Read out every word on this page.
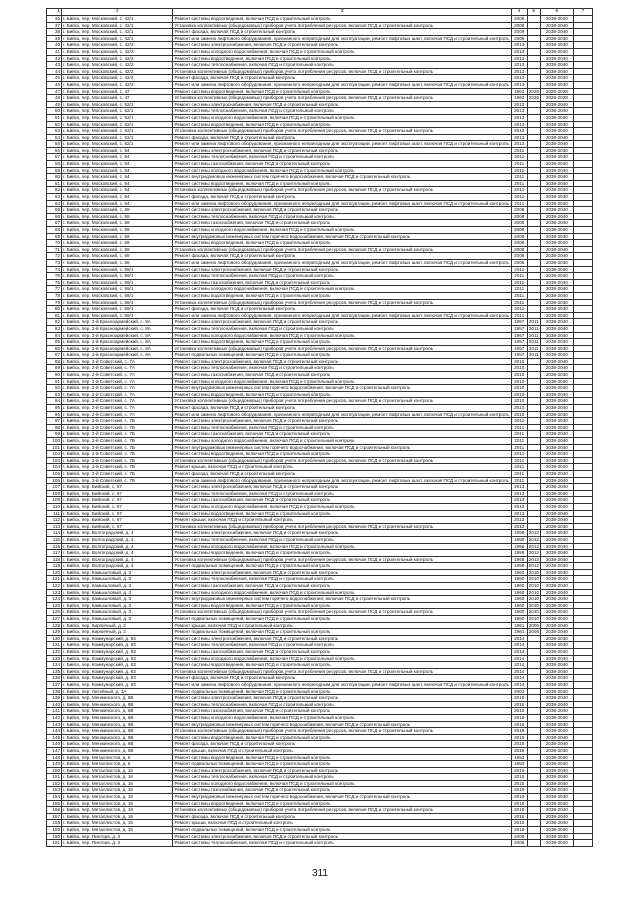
1	2	3	4	5	6	7
36	г. Бийск, пер. Московский, с. 42/1	Ремонт системы водоотведения, включая ПСД и строительный контроль	2009		2038-2040	
37	г. Бийск, пер. Московский, с. 42/1	Установка коллективных (общедомовых) приборов учета потребления ресурсов, включая ПСД и строительный контроль	2009		2038-2040	
38	г. Бийск, пер. Московский, с. 42/1	Ремонт фасада, включая ПСД и строительный контроль	2009		2038-2040	
39	г. Бийск, пер. Московский, с. 42/1	Ремонт или замена лифтового оборудования, признанного непригодным для эксплуатации, ремонт лифтовых шахт, включая ПСД и строительный контроль	2009		2038-2040	
40	г. Бийск, пер. Московский, с. 42/2	Ремонт системы электроснабжения, включая ПСД и строительный контроль	2013		2038-2040	
41	г. Бийск, пер. Московский, с. 42/2	Ремонт системы холодного водоснабжения, включая ПСД и строительный контроль	2013		2038-2040	
42	г. Бийск, пер. Московский, с. 42/2	Ремонт системы водоотведения, включая ПСД и строительный контроль	2013		2038-2040	
43	г. Бийск, пер. Московский, с. 42/2	Ремонт системы теплоснабжения, включая ПСД и строительный контроль	2013		2038-2040	
44	г. Бийск, пер. Московский, с. 42/2	Установка коллективных (общедомовых) приборов учета потребления ресурсов, включая ПСД и строительный контроль	2013		2038-2040	
45	г. Бийск, пер. Московский, с. 42/2	Ремонт фасада, включая ПСД и строительный контроль	2013		2038-2040	
46	г. Бийск, пер. Московский, с. 42/2	Ремонт или замена лифтового оборудования, признанного непригодным для эксплуатации, ремонт лифтовых шахт, включая ПСД и строительный контроль	2013		2038-2040	
47	г. Бийск, пер. Московский, с. 47	Ремонт системы водоотведения, включая ПСД и строительный контроль	1963	2026	2026-2028	
48	г. Бийск, пер. Московский, с. 47	Установка коллективных (общедомовых) приборов учета потребления ресурсов, включая ПСД и строительный контроль	1963	2026	2026-2028	
49	г. Бийск, пер. Московский, с. 52/1	Ремонт системы электроснабжения, включая ПСД и строительный контроль	2013		2038-2040	
50	г. Бийск, пер. Московский, с. 52/1	Ремонт системы теплоснабжения, включая ПСД и строительный контроль	2013		2038-2040	
51	г. Бийск, пер. Московский, с. 52/1	Ремонт системы холодного водоснабжения, включая ПСД и строительный контроль	2013		2038-2040	
52	г. Бийск, пер. Московский, с. 52/1	Ремонт системы водоотведения, включая ПСД и строительный контроль	2013		2038-2040	
53	г. Бийск, пер. Московский, с. 52/1	Установка коллективных (общедомовых) приборов учета потребления ресурсов, включая ПСД и строительный контроль	2013		2038-2040	
54	г. Бийск, пер. Московский, с. 52/1	Ремонт фасада, включая ПСД и строительный контроль	2013		2038-2040	
55	г. Бийск, пер. Московский, с. 52/1	Ремонт или замена лифтового оборудования, признанного непригодным для эксплуатации, ремонт лифтовых шахт, включая ПСД и строительный контроль	2013		2038-2040	
56	г. Бийск, пер. Московский, с. 54	Ремонт системы электроснабжения, включая ПСД и строительный контроль	2011		2038-2040	
57	г. Бийск, пер. Московский, с. 54	Ремонт системы теплоснабжения, включая ПСД и строительный контроль	2011		2038-2040	
58	г. Бийск, пер. Московский, с. 54	Ремонт системы газоснабжения, включая ПСД и строительный контроль	2011		2038-2040	
59	г. Бийск, пер. Московский, с. 54	Ремонт системы холодного водоснабжения, включая ПСД и строительный контроль	2011		2038-2040	
60	г. Бийск, пер. Московский, с. 54	Ремонт внутридомовых инженерных систем горячего водоснабжения, включая ПСД и строительный контроль	2011		2038-2040	
61	г. Бийск, пер. Московский, с. 54	Ремонт системы водоотведения, включая ПСД и строительный контроль	2011		2038-2040	
62	г. Бийск, пер. Московский, с. 54	Установка коллективных (общедомовых) приборов учета потребления ресурсов, включая ПСД и строительный контроль	2011		2038-2040	
63	г. Бийск, пер. Московский, с. 54	Ремонт фасада, включая ПСД и строительный контроль	2011		2038-2040	
64	г. Бийск, пер. Московский, с. 54	Ремонт или замена лифтового оборудования, признанного непригодным для эксплуатации, ремонт лифтовых шахт, включая ПСД и строительный контроль	2011		2038-2040	
65	г. Бийск, пер. Московский, с. 59	Ремонт системы электроснабжения, включая ПСД и строительный контроль	2008		2038-2040	
66	г. Бийск, пер. Московский, с. 59	Ремонт системы теплоснабжения, включая ПСД и строительный контроль	2008		2038-2040	
67	г. Бийск, пер. Московский, с. 59	Ремонт системы газоснабжения, включая ПСД и строительный контроль	2008		2038-2040	
68	г. Бийск, пер. Московский, с. 59	Ремонт системы холодного водоснабжения, включая ПСД и строительный контроль	2008		2038-2040	
69	г. Бийск, пер. Московский, с. 59	Ремонт внутридомовых инженерных систем горячего водоснабжения, включая ПСД и строительный контроль	2008		2038-2040	
70	г. Бийск, пер. Московский, с. 59	Ремонт системы водоотведения, включая ПСД и строительный контроль	2008		2038-2040	
71	г. Бийск, пер. Московский, с. 59	Установка коллективных (общедомовых) приборов учета потребления ресурсов, включая ПСД и строительный контроль	2008		2038-2040	
72	г. Бийск, пер. Московский, с. 59	Ремонт фасада, включая ПСД и строительный контроль	2008		2038-2040	
73	г. Бийск, пер. Московский, с. 59	Ремонт или замена лифтового оборудования, признанного непригодным для эксплуатации, ремонт лифтовых шахт, включая ПСД и строительный контроль	2008		2038-2040	
74	г. Бийск, пер. Московский, с. 59/1	Ремонт системы электроснабжения, включая ПСД и строительный контроль	2011		2038-2040	
75	г. Бийск, пер. Московский, с. 59/1	Ремонт системы теплоснабжения, включая ПСД и строительный контроль	2011		2038-2040	
76	г. Бийск, пер. Московский, с. 59/1	Ремонт системы газоснабжения, включая ПСД и строительный контроль	2011		2038-2040	
77	г. Бийск, пер. Московский, с. 59/1	Ремонт системы холодного водоснабжения, включая ПСД и строительный контроль	2011		2038-2040	
78	г. Бийск, пер. Московский, с. 59/1	Ремонт системы водоотведения, включая ПСД и строительный контроль	2011		2038-2040	
79	г. Бийск, пер. Московский, с. 59/1	Установка коллективных (общедомовых) приборов учета потребления ресурсов, включая ПСД и строительный контроль	2011		2038-2040	
80	г. Бийск, пер. Московский, с. 59/1	Ремонт фасада, включая ПСД и строительный контроль	2011		2038-2040	
81	г. Бийск, пер. Московский, с. 59/1	Ремонт или замена лифтового оборудования, признанного непригодным для эксплуатации, ремонт лифтовых шахт, включая ПСД и строительный контроль	2011		2038-2040	
82	г. Бийск, пер. 2-й Красноармейский, с. 8А	Ремонт системы электроснабжения, включая ПСД и строительный контроль	1957	2011	2038-2040	
83	г. Бийск, пер. 2-й Красноармейский, с. 8А	Ремонт системы теплоснабжения, включая ПСД и строительный контроль	1957	2011	2038-2040	
84	г. Бийск, пер. 2-й Красноармейский, с. 8А	Ремонт системы холодного водоснабжения, включая ПСД и строительный контроль	1957	2011	2038-2040	
85	г. Бийск, пер. 2-й Красноармейский, с. 8А	Ремонт системы водоотведения, включая ПСД и строительный контроль	1957	2011	2038-2040	
86	г. Бийск, пер. 2-й Красноармейский, с. 8А	Установка коллективных (общедомовых) приборов учета потребления ресурсов, включая ПСД и строительный контроль	1957	2011	2038-2040	
87	г. Бийск, пер. 2-й Красноармейский, с. 8А	Ремонт подвальных помещений, включая ПСД и строительный контроль	1957	2011	2038-2040	
88	г. Бийск, пер. 2-й Советский, с. 7А	Ремонт системы электроснабжения, включая ПСД и строительный контроль	2010		2038-2040	
89	г. Бийск, пер. 2-й Советский, с. 7А	Ремонт системы теплоснабжения, включая ПСД и строительный контроль	2010		2038-2040	
90	г. Бийск, пер. 2-й Советский, с. 7А	Ремонт системы газоснабжения, включая ПСД и строительный контроль	2010		2038-2040	
91	г. Бийск, пер. 2-й Советский, с. 7А	Ремонт системы холодного водоснабжения, включая ПСД и строительный контроль	2010		2038-2040	
92	г. Бийск, пер. 2-й Советский, с. 7А	Ремонт внутридомовых инженерных систем горячего водоснабжения, включая ПСД и строительный контроль	2010		2038-2040	
93	г. Бийск, пер. 2-й Советский, с. 7А	Ремонт системы водоотведения, включая ПСД и строительный контроль	2010		2038-2040	
94	г. Бийск, пер. 2-й Советский, с. 7А	Установка коллективных (общедомовых) приборов учета потребления ресурсов, включая ПСД и строительный контроль	2010		2038-2040	
95	г. Бийск, пер. 2-й Советский, с. 7А	Ремонт фасада, включая ПСД и строительный контроль	2010		2038-2040	
96	г. Бийск, пер. 2-й Советский, с. 7А	Ремонт или замена лифтового оборудования, признанного непригодным для эксплуатации, ремонт лифтовых шахт, включая ПСД и строительный контроль	2010		2038-2040	
97	г. Бийск, пер. 2-й Советский, с. 7Б	Ремонт системы электроснабжения, включая ПСД и строительный контроль	2011		2038-2040	
98	г. Бийск, пер. 2-й Советский, с. 7Б	Ремонт системы теплоснабжения, включая ПСД и строительный контроль	2011		2038-2040	
99	г. Бийск, пер. 2-й Советский, с. 7Б	Ремонт системы газоснабжения, включая ПСД и строительный контроль	2011		2038-2040	
100	г. Бийск, пер. 2-й Советский, с. 7Б	Ремонт системы холодного водоснабжения, включая ПСД и строительный контроль	2011		2038-2040	
101	г. Бийск, пер. 2-й Советский, с. 7Б	Ремонт внутридомовых инженерных систем горячего водоснабжения, включая ПСД и строительный контроль	2011		2038-2040	
102	г. Бийск, пер. 2-й Советский, с. 7Б	Ремонт системы водоотведения, включая ПСД и строительный контроль	2011		2038-2040	
103	г. Бийск, пер. 2-й Советский, с. 7Б	Установка коллективных (общедомовых) приборов учета потребления ресурсов, включая ПСД и строительный контроль	2011		2038-2040	
104	г. Бийск, пер. 2-й Советский, с. 7Б	Ремонт крыши, включая ПСД и строительный контроль	2011		2038-2040	
105	г. Бийск, пер. 2-й Советский, с. 7Б	Ремонт фасада, включая ПСД и строительный контроль	2011		2038-2040	
106	г. Бийск, пер. 2-й Советский, с. 7Б	Ремонт или замена лифтового оборудования, признанного непригодным для эксплуатации, ремонт лифтовых шахт, включая ПСД и строительный контроль	2011		2038-2040	
107	г. Бийск, пер. Бийский, с. 67	Ремонт системы электроснабжения, включая ПСД и строительный контроль	2013		2038-2040	
108	г. Бийск, пер. Бийский, с. 67	Ремонт системы теплоснабжения, включая ПСД и строительный контроль	2013		2038-2040	
109	г. Бийск, пер. Бийский, с. 67	Ремонт системы газоснабжения, включая ПСД и строительный контроль	2013		2038-2040	
110	г. Бийск, пер. Бийский, с. 67	Ремонт системы холодного водоснабжения, включая ПСД и строительный контроль	2013		2038-2040	
111	г. Бийск, пер. Бийский, с. 67	Ремонт системы водоотведения, включая ПСД и строительный контроль	2013		2038-2040	
112	г. Бийск, пер. Бийский, с. 67	Ремонт крыши, включая ПСД и строительный контроль	2013		2038-2040	
113	г. Бийск, пер. Бийский, с. 67	Установка коллективных (общедомовых) приборов учета потребления ресурсов, включая ПСД и строительный контроль	2013		2038-2040	
114	г. Бийск, пер. Волгоградский, д. 4	Ремонт системы электроснабжения, включая ПСД и строительный контроль	1958	2012	2038-2040	
115	г. Бийск, пер. Волгоградский, д. 4	Ремонт системы теплоснабжения, включая ПСД и строительный контроль	1958	2012	2038-2040	
116	г. Бийск, пер. Волгоградский, д. 4	Ремонт системы холодного водоснабжения, включая ПСД и строительный контроль	1958	2012	2038-2040	
117	г. Бийск, пер. Волгоградский, д. 4	Ремонт системы водоотведения, включая ПСД и строительный контроль	1958	2012	2038-2040	
118	г. Бийск, пер. Волгоградский, д. 4	Установка коллективных (общедомовых) приборов учета потребления ресурсов, включая ПСД и строительный контроль	1958	2012	2038-2040	
119	г. Бийск, пер. Волгоградский, д. 4	Ремонт подвальных помещений, включая ПСД и строительный контроль	1958	2012	2038-2040	
120	г. Бийск, пер. Камышловый, д. 3	Ремонт системы электроснабжения, включая ПСД и строительный контроль	1960	2010	2038-2040	
121	г. Бийск, пер. Камышловый, д. 3	Ремонт системы теплоснабжения, включая ПСД и строительный контроль	1960	2010	2038-2040	
122	г. Бийск, пер. Камышловый, д. 3	Ремонт системы газоснабжения, включая ПСД и строительный контроль	1960	2010	2038-2040	
123	г. Бийск, пер. Камышловый, д. 3	Ремонт системы холодного водоснабжения, включая ПСД и строительный контроль	1960	2010	2038-2040	
124	г. Бийск, пер. Камышловый, д. 3	Ремонт внутридомовых инженерных систем горячего водоснабжения, включая ПСД и строительный контроль	1960	2010	2038-2040	
125	г. Бийск, пер. Камышловый, д. 3	Ремонт системы водоотведения, включая ПСД и строительный контроль	1960	2010	2038-2040	
126	г. Бийск, пер. Камышловый, д. 3	Установка коллективных (общедомовых) приборов учета потребления ресурсов, включая ПСД и строительный контроль	1960	2010	2038-2040	
127	г. Бийск, пер. Камышловый, д. 3	Ремонт подвальных помещений, включая ПСД и строительный контроль	1960	2010	2038-2040	
128	г. Бийск, пер. Кирпичный, д. 2	Ремонт крыши, включая ПСД и строительный контроль	1961	2009	2038-2040	
129	г. Бийск, пер. Кирпичный, д. 2	Ремонт подвальных помещений, включая ПСД и строительный контроль	1961	2009	2038-2040	
130	г. Бийск, пер. Коммунарский, д. 83	Ремонт системы электроснабжения, включая ПСД и строительный контроль	2014		2038-2040	
131	г. Бийск, пер. Коммунарский, д. 83	Ремонт системы теплоснабжения, включая ПСД и строительный контроль	2014		2038-2040	
132	г. Бийск, пер. Коммунарский, д. 83	Ремонт системы газоснабжения, включая ПСД и строительный контроль	2014		2038-2040	
133	г. Бийск, пер. Коммунарский, д. 83	Ремонт системы холодного водоснабжения, включая ПСД и строительный контроль	2014		2038-2040	
134	г. Бийск, пер. Коммунарский, д. 83	Ремонт системы водоотведения, включая ПСД и строительный контроль	2014		2038-2040	
135	г. Бийск, пер. Коммунарский, д. 83	Установка коллективных (общедомовых) приборов учета потребления ресурсов, включая ПСД и строительный контроль	2014		2038-2040	
136	г. Бийск, пер. Коммунарский, д. 83	Ремонт фасада, включая ПСД и строительный контроль	2014		2038-2040	
137	г. Бийск, пер. Коммунарский, д. 83	Ремонт или замена лифтового оборудования, признанного непригодным для эксплуатации, ремонт лифтовых шахт, включая ПСД и строительный контроль	2014		2038-2040	
138	г. Бийск, пер. Литейный, д. 3А	Ремонт подвальных помещений, включая ПСД и строительный контроль	2003		2038-2040	
139	г. Бийск, пер. Менжинского, д. 6В	Ремонт системы электроснабжения, включая ПСД и строительный контроль	2015		2038-2040	
140	г. Бийск, пер. Менжинского, д. 6В	Ремонт системы теплоснабжения, включая ПСД и строительный контроль	2015		2038-2040	
141	г. Бийск, пер. Менжинского, д. 6В	Ремонт системы газоснабжения, включая ПСД и строительный контроль	2015		2038-2040	
142	г. Бийск, пер. Менжинского, д. 6В	Ремонт системы холодного водоснабжения, включая ПСД и строительный контроль	2015		2038-2040	
143	г. Бийск, пер. Менжинского, д. 6В	Ремонт внутридомовых инженерных систем горячего водоснабжения, включая ПСД и строительный контроль	2015		2038-2040	
144	г. Бийск, пер. Менжинского, д. 6В	Установка коллективных (общедомовых) приборов учета потребления ресурсов, включая ПСД и строительный контроль	2015		2038-2040	
145	г. Бийск, пер. Менжинского, д. 6В	Ремонт системы водоотведения, включая ПСД и строительный контроль	2015		2038-2040	
146	г. Бийск, пер. Менжинского, д. 6В	Ремонт фасада, включая ПСД и строительный контроль	2015		2038-2040	
147	г. Бийск, пер. Менжинского, д. 6В	Ремонт крыши, включая ПСД и строительный контроль	2015		2038-2040	
148	г. Бийск, пер. Металлистов, д. 6	Ремонт системы водоотведения, включая ПСД и строительный контроль	1953		2038-2040	
149	г. Бийск, пер. Металлистов, д. 6	Ремонт подвальных помещений, включая ПСД и строительный контроль	1953		2038-2040	
150	г. Бийск, пер. Металлистов, д. 16	Ремонт системы электроснабжения, включая ПСД и строительный контроль	2015		2038-2040	
151	г. Бийск, пер. Металлистов, д. 16	Ремонт системы теплоснабжения, включая ПСД и строительный контроль	2015		2038-2040	
152	г. Бийск, пер. Металлистов, д. 16	Ремонт системы холодного водоснабжения, включая ПСД и строительный контроль	2015		2038-2040	
153	г. Бийск, пер. Металлистов, д. 16	Ремонт системы газоснабжения, включая ПСД и строительный контроль	2015		2038-2040	
154	г. Бийск, пер. Металлистов, д. 16	Ремонт внутридомовых инженерных систем горячего водоснабжения, включая ПСД и строительный контроль	2015		2038-2040	
155	г. Бийск, пер. Металлистов, д. 16	Ремонт системы водоотведения, включая ПСД и строительный контроль	2015		2038-2040	
156	г. Бийск, пер. Металлистов, д. 16	Установка коллективных (общедомовых) приборов учета потребления ресурсов, включая ПСД и строительный контроль	2015		2038-2040	
157	г. Бийск, пер. Металлистов, д. 16	Ремонт фасада, включая ПСД и строительный контроль	2015		2038-2040	
158	г. Бийск, пер. Металлистов, д. 16	Ремонт крыши, включая ПСД и строительный контроль	2015		2038-2040	
159	г. Бийск, пер. Металлистов, д. 16	Ремонт подвальных помещений, включая ПСД и строительный контроль	2015		2038-2040	
160	г. Бийск, пер. Пихтора, д. 3	Ремонт системы электроснабжения, включая ПСД и строительный контроль	2008		2038-2040	
161	г. Бийск, пер. Пихтора, д. 3	Ремонт системы теплоснабжения, включая ПСД и строительный контроль	2008		2038-2040	
311
